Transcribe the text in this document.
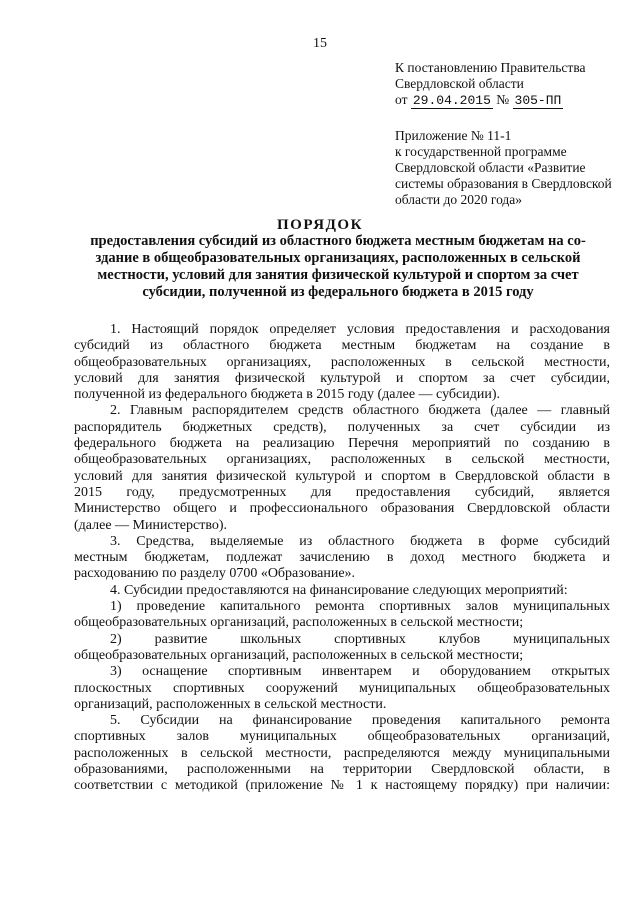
15
К постановлению Правительства
Свердловской области
от 29.04.2015 № 305-ПП
Приложение № 11-1
к государственной программе
Свердловской области «Развитие
системы образования в Свердловской
области до 2020 года»
ПОРЯДОК
предоставления субсидий из областного бюджета местным бюджетам на со-
здание в общеобразовательных организациях, расположенных в сельской
местности, условий для занятия физической культурой и спортом за счет
субсидии, полученной из федерального бюджета в 2015 году

1. Настоящий порядок определяет условия предоставления и расходования
субсидий из областного бюджета местным бюджетам на создание в
общеобразовательных организациях, расположенных в сельской местности,
условий для занятия физической культурой и спортом за счет субсидии,
полученной из федерального бюджета в 2015 году (далее — субсидии).

2. Главным распорядителем средств областного бюджета (далее — главный
распорядитель бюджетных средств), полученных за счет субсидии из
федерального бюджета на реализацию Перечня мероприятий по созданию в
общеобразовательных организациях, расположенных в сельской местности,
условий для занятия физической культурой и спортом в Свердловской области в
2015 году, предусмотренных для предоставления субсидий, является
Министерство общего и профессионального образования Свердловской области
(далее — Министерство).

3. Средства, выделяемые из областного бюджета в форме субсидий
местным бюджетам, подлежат зачислению в доход местного бюджета и
расходованию по разделу 0700 «Образование».

4. Субсидии предоставляются на финансирование следующих мероприятий:

1) проведение капитального ремонта спортивных залов муниципальных
общеобразовательных организаций, расположенных в сельской местности;

2) развитие школьных спортивных клубов муниципальных
общеобразовательных организаций, расположенных в сельской местности;

3) оснащение спортивным инвентарем и оборудованием открытых
плоскостных спортивных сооружений муниципальных общеобразовательных
организаций, расположенных в сельской местности.

5. Субсидии на финансирование проведения капитального ремонта
спортивных залов муниципальных общеобразовательных организаций,
расположенных в сельской местности, распределяются между муниципальными
образованиями, расположенными на территории Свердловской области, в
соответствии с методикой (приложение № 1 к настоящему порядку) при наличии:
